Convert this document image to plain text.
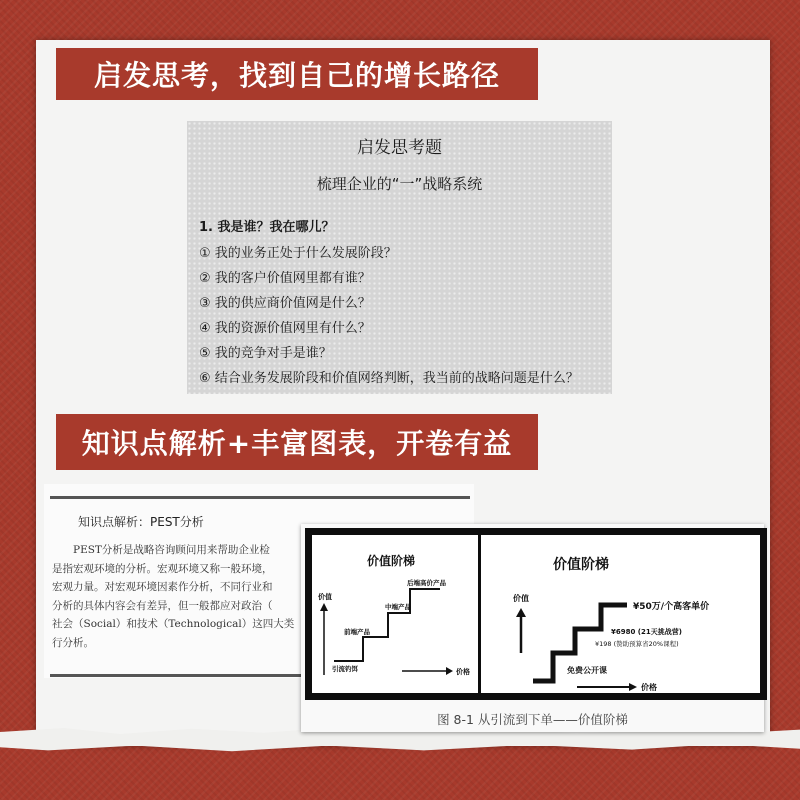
启发思考，找到自己的增长路径
启发思考题
梳理企业的“一”战略系统
1. 我是谁？我在哪儿？
① 我的业务正处于什么发展阶段？
② 我的客户价值网里都有谁？
③ 我的供应商价值网是什么？
④ 我的资源价值网里有什么？
⑤ 我的竞争对手是谁？
⑥ 结合业务发展阶段和价值网络判断，我当前的战略问题是什么？
知识点解析+丰富图表，开卷有益
知识点解析：PEST分析
PEST分析是战略咨询顾问用来帮助企业检
是指宏观环境的分析。宏观环境又称一般环境，
宏观力量。对宏观环境因素作分析，不同行业和
分析的具体内容会有差异，但一般都应对政治（
社会（Social）和技术（Technological）这四大类
行分析。
价值阶梯
价值
价格
引流钓饵
前端产品
中端产品
后端高价产品
价值阶梯
价值
价格
免费公开课
¥198 (赞助预算省20%课程)
¥6980 (21天挑战营)
¥50万/个高客单价
图 8-1 从引流到下单——价值阶梯
